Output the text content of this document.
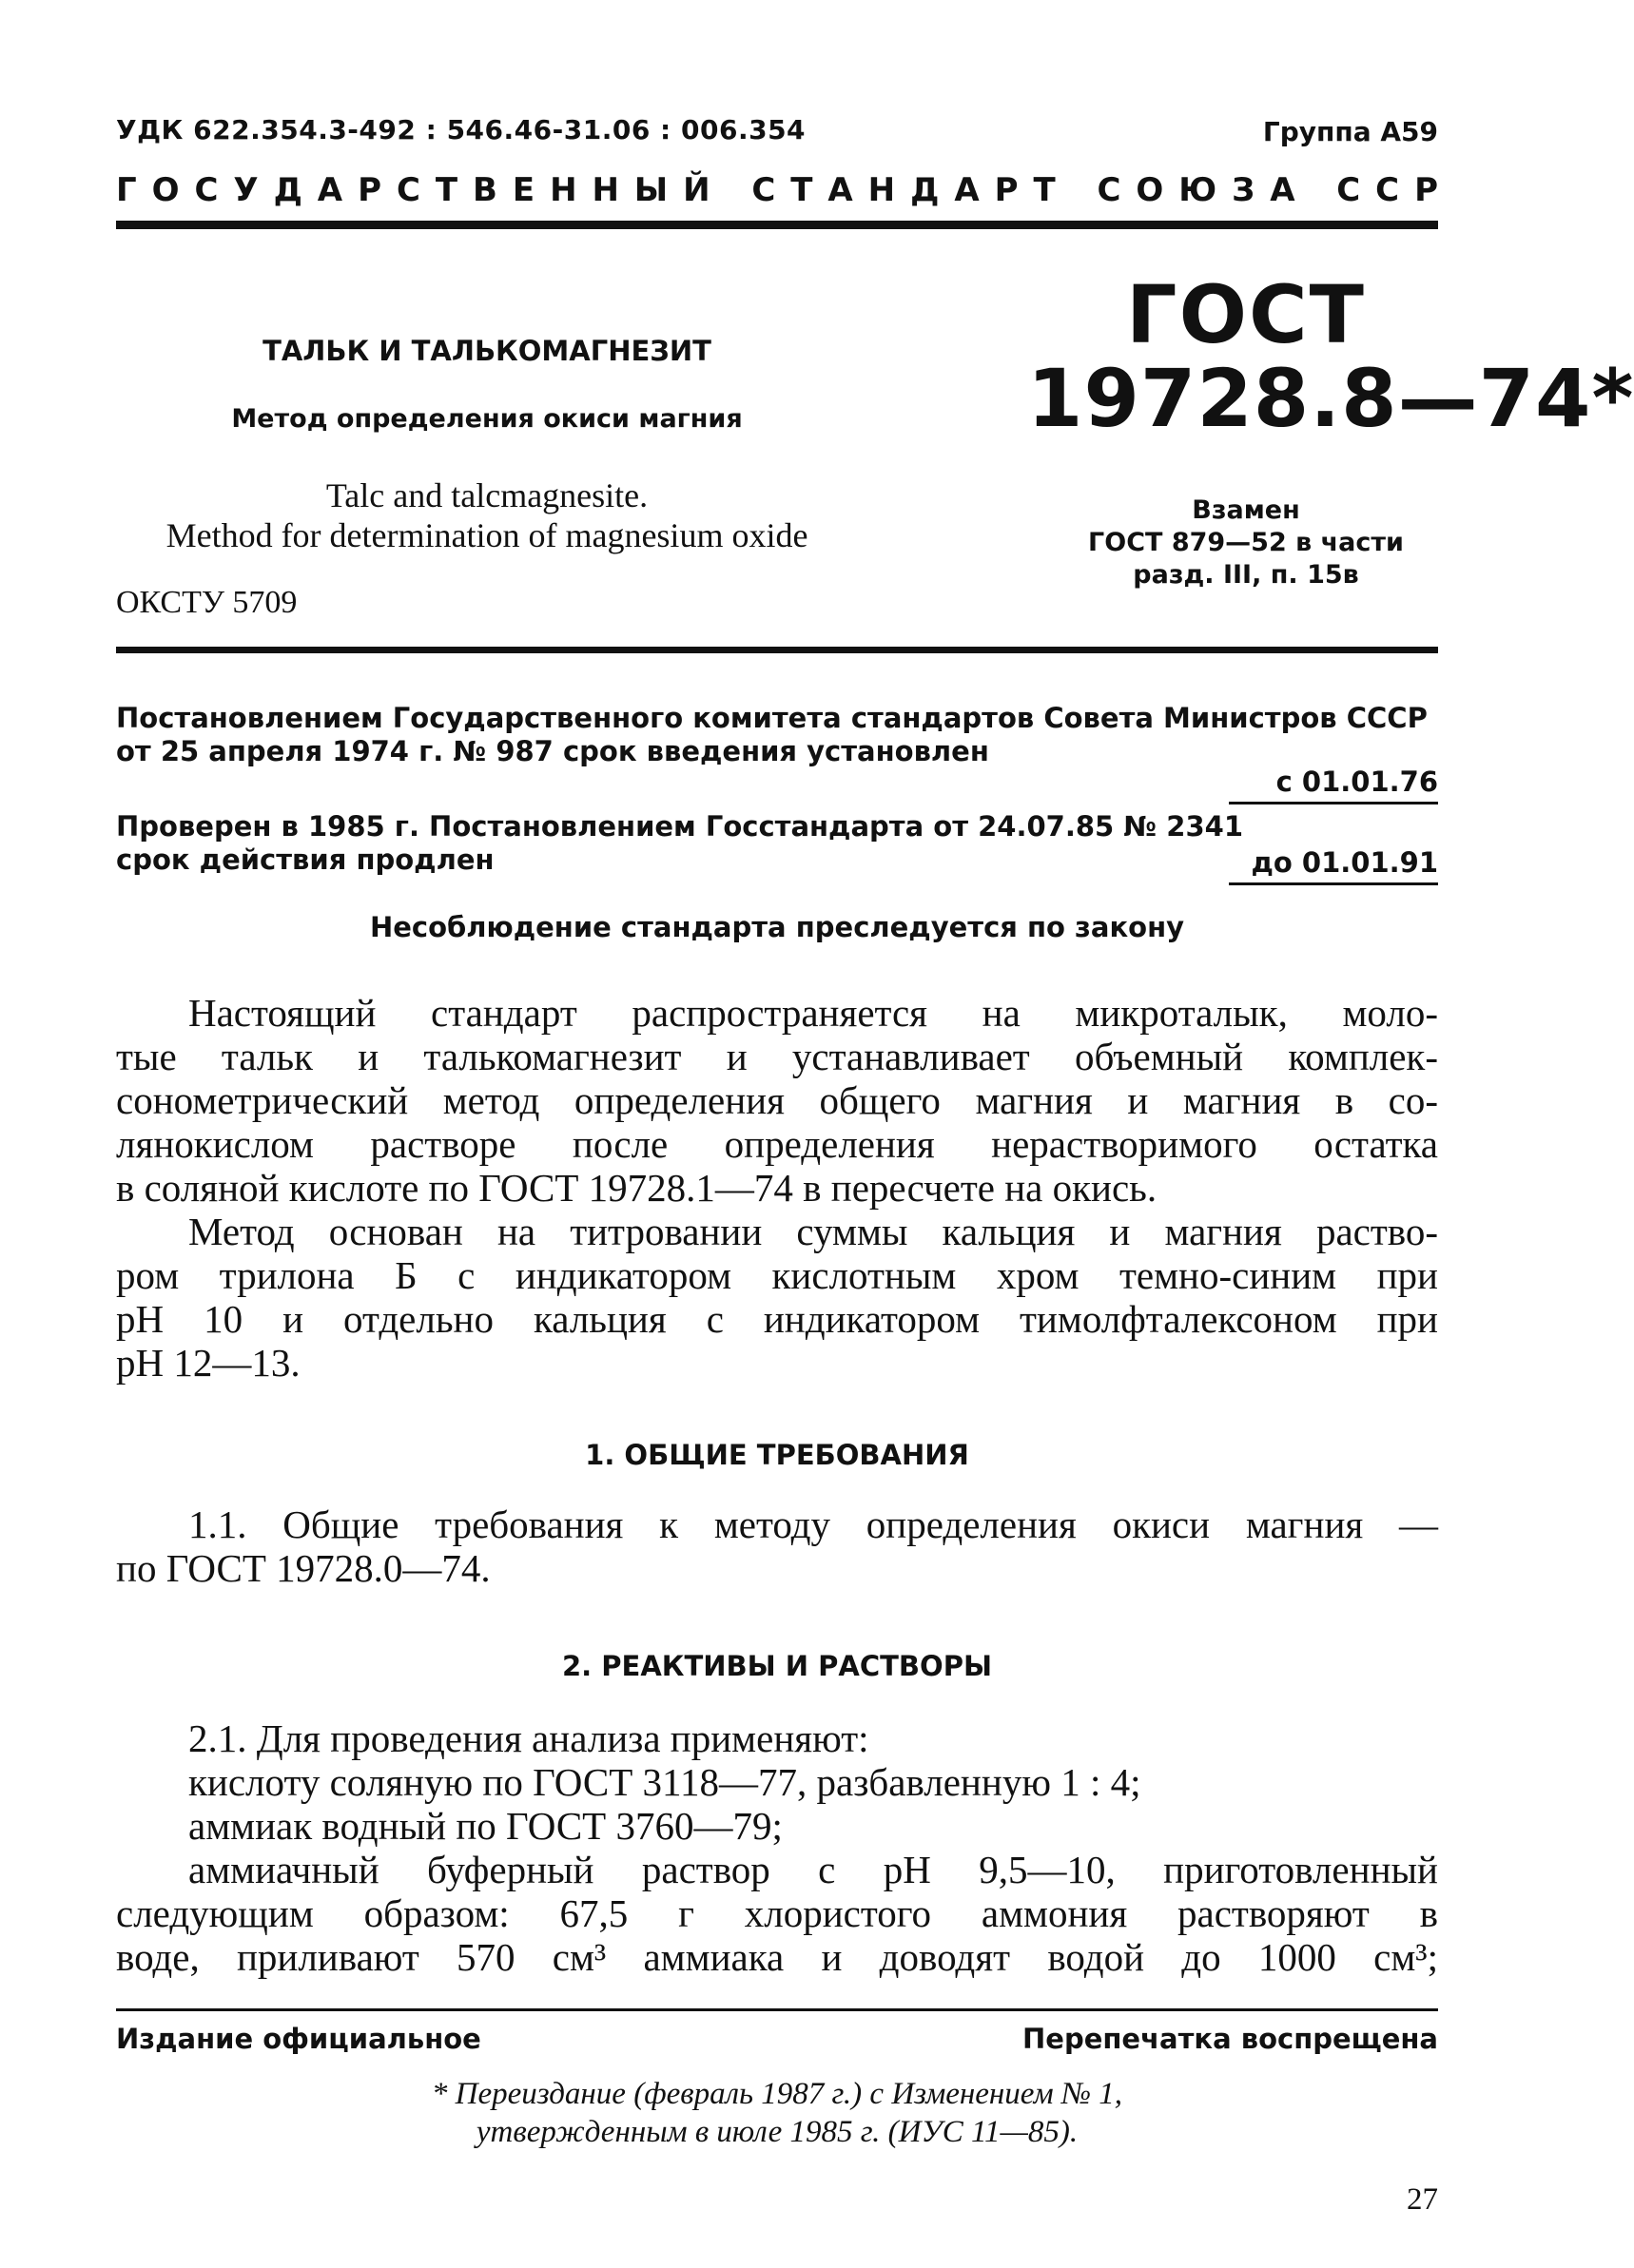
УДК 622.354.3-492 : 546.46-31.06 : 006.354	Группа А59
Г О С У Д А Р С Т В Е Н Н Ы Й
С Т А Н Д А Р Т
С О Ю З А
С С Р
ТАЛЬК И ТАЛЬКОМАГНЕЗИТ
Метод определения окиси магния
Talc and talcmagnesite.
Method for determination of magnesium oxide
ОКСТУ 5709
ГОСТ
19728.8—74*
Взамен
ГОСТ 879—52 в части
разд. III, п. 15в
Постановлением Государственного комитета стандартов Совета Министров СССР
от 25 апреля 1974 г. № 987 срок введения установлен
с 01.01.76
Проверен в 1985 г. Постановлением Госстандарта от 24.07.85 № 2341
срок действия продлен	до 01.01.91
Несоблюдение стандарта преследуется по закону
Настоящий стандарт распространяется на микроталык, моло-
тые тальк и талькомагнезит и устанавливает объемный комплек-
сонометрический метод определения общего магния и магния в со-
лянокислом растворе после определения нерастворимого остатка
в соляной кислоте по ГОСТ 19728.1—74 в пересчете на окись.
Метод основан на титровании суммы кальция и магния раство-
ром трилона Б с индикатором кислотным хром темно-синим при
pH 10 и отдельно кальция с индикатором тимолфталексоном при
pH 12—13.
1. ОБЩИЕ ТРЕБОВАНИЯ
1.1. Общие требования к методу определения окиси магния —
по ГОСТ 19728.0—74.
2. РЕАКТИВЫ И РАСТВОРЫ
2.1. Для проведения анализа применяют:
кислоту соляную по ГОСТ 3118—77, разбавленную 1 : 4;
аммиак водный по ГОСТ 3760—79;
аммиачный буферный раствор с pH 9,5—10, приготовленный
следующим образом: 67,5 г хлористого аммония растворяют в
воде, приливают 570 см³ аммиака и доводят водой до 1000 см³;
Издание официальное	Перепечатка воспрещена
* Переиздание (февраль 1987 г.) с Изменением № 1,
утвержденным в июле 1985 г. (ИУС 11—85).
27
